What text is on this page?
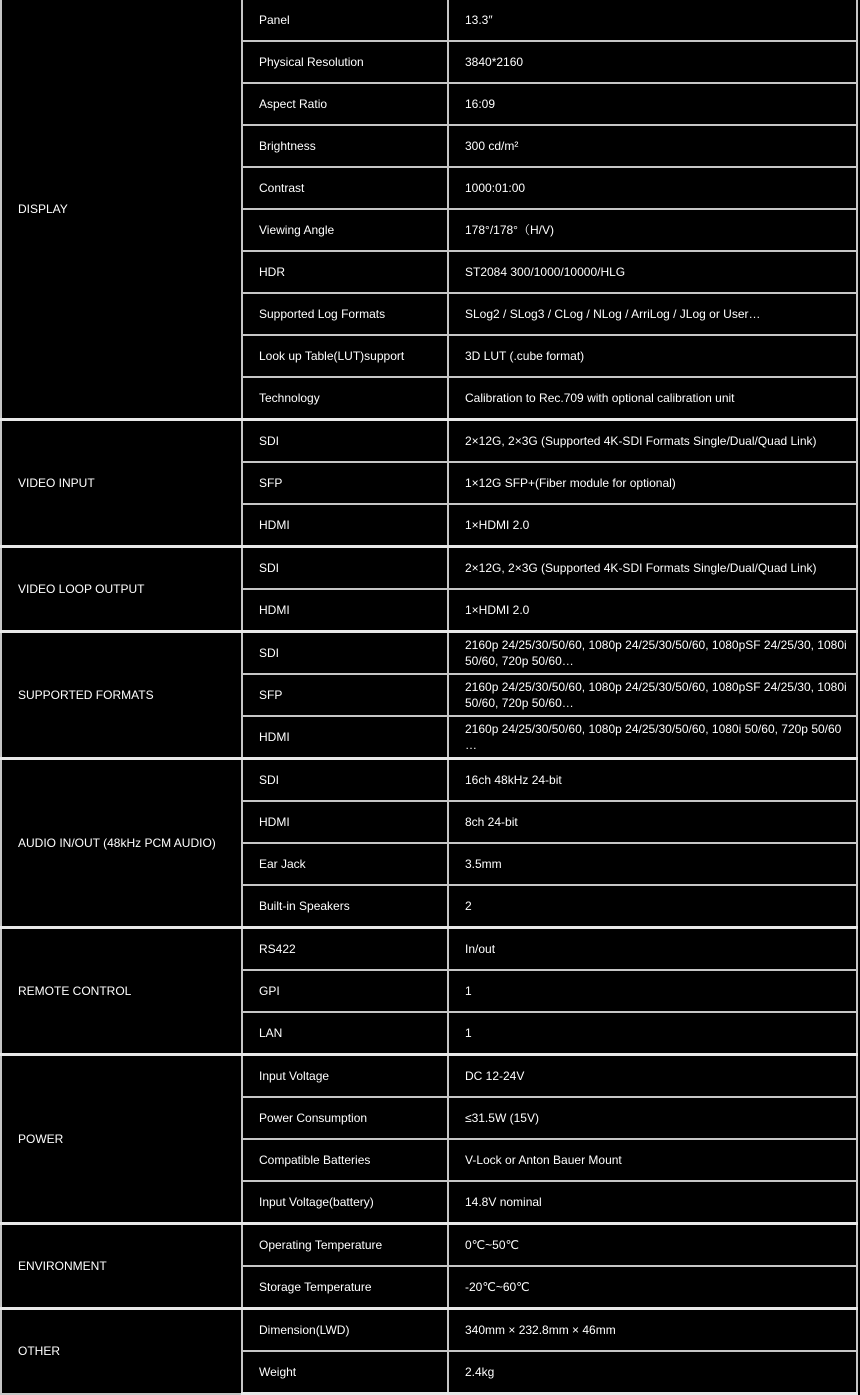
DISPLAY	Panel	13.3″
	Physical Resolution	3840*2160
	Aspect Ratio	16:09
	Brightness	300 cd/m²
	Contrast	1000:01:00
	Viewing Angle	178°/178°（H/V)
	HDR	ST2084 300/1000/10000/HLG
	Supported Log Formats	SLog2 / SLog3 / CLog / NLog / ArriLog / JLog or User…
	Look up Table(LUT)support	3D LUT (.cube format)
	Technology	Calibration to Rec.709 with optional calibration unit
VIDEO INPUT	SDI	2×12G, 2×3G (Supported 4K-SDI Formats Single/Dual/Quad Link)
	SFP	1×12G SFP+(Fiber module for optional)
	HDMI	1×HDMI 2.0
VIDEO LOOP OUTPUT	SDI	2×12G, 2×3G (Supported 4K-SDI Formats Single/Dual/Quad Link)
	HDMI	1×HDMI 2.0
SUPPORTED FORMATS	SDI	2160p 24/25/30/50/60, 1080p 24/25/30/50/60, 1080pSF 24/25/30, 1080i 50/60, 720p 50/60…
	SFP	2160p 24/25/30/50/60, 1080p 24/25/30/50/60, 1080pSF 24/25/30, 1080i 50/60, 720p 50/60…
	HDMI	2160p 24/25/30/50/60, 1080p 24/25/30/50/60, 1080i 50/60, 720p 50/60 …
AUDIO IN/OUT (48kHz PCM AUDIO)	SDI	16ch 48kHz 24-bit
	HDMI	8ch 24-bit
	Ear Jack	3.5mm
	Built-in Speakers	2
REMOTE CONTROL	RS422	In/out
	GPI	1
	LAN	1
POWER	Input Voltage	DC 12-24V
	Power Consumption	≤31.5W (15V)
	Compatible Batteries	V-Lock or Anton Bauer Mount
	Input Voltage(battery)	14.8V nominal
ENVIRONMENT	Operating Temperature	0℃~50℃
	Storage Temperature	-20℃~60℃
OTHER	Dimension(LWD)	340mm × 232.8mm × 46mm
	Weight	2.4kg
